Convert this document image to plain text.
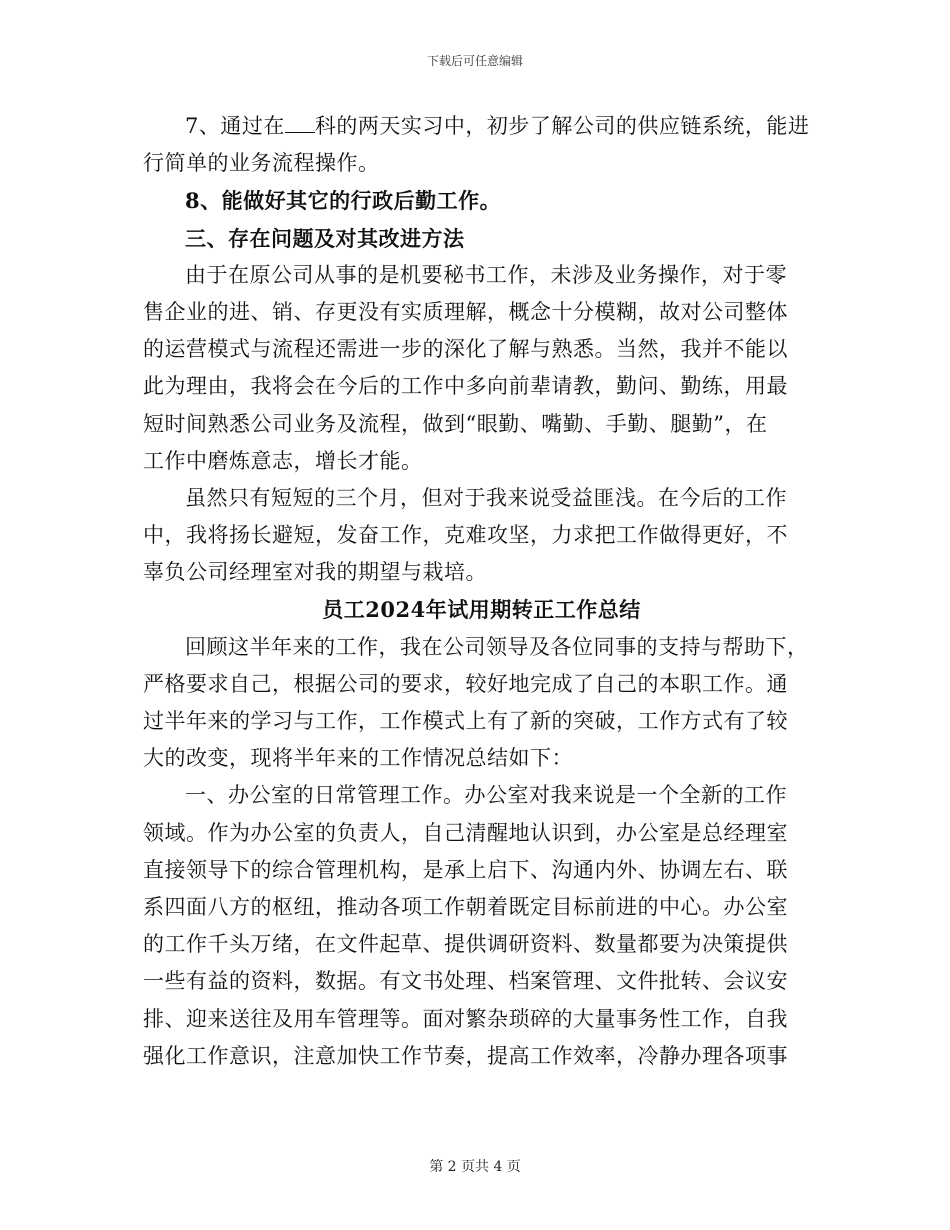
下载后可任意编辑
7、通过在 科的两天实习中，初步了解公司的供应链系统，能进
行简单的业务流程操作。
8、能做好其它的行政后勤工作。
三、存在问题及对其改进方法
由于在原公司从事的是机要秘书工作，未涉及业务操作，对于零
售企业的进、销、存更没有实质理解，概念十分模糊，故对公司整体
的运营模式与流程还需进一步的深化了解与熟悉。当然，我并不能以
此为理由，我将会在今后的工作中多向前辈请教，勤问、勤练，用最
短时间熟悉公司业务及流程，做到“眼勤、嘴勤、手勤、腿勤”，在
工作中磨炼意志，增长才能。
虽然只有短短的三个月，但对于我来说受益匪浅。在今后的工作
中，我将扬长避短，发奋工作，克难攻坚，力求把工作做得更好，不
辜负公司经理室对我的期望与栽培。
员工2024年试用期转正工作总结
回顾这半年来的工作，我在公司领导及各位同事的支持与帮助下，
严格要求自己，根据公司的要求，较好地完成了自己的本职工作。通
过半年来的学习与工作，工作模式上有了新的突破，工作方式有了较
大的改变，现将半年来的工作情况总结如下：
一、办公室的日常管理工作。办公室对我来说是一个全新的工作
领域。作为办公室的负责人，自己清醒地认识到，办公室是总经理室
直接领导下的综合管理机构，是承上启下、沟通内外、协调左右、联
系四面八方的枢纽，推动各项工作朝着既定目标前进的中心。办公室
的工作千头万绪，在文件起草、提供调研资料、数量都要为决策提供
一些有益的资料，数据。有文书处理、档案管理、文件批转、会议安
排、迎来送往及用车管理等。面对繁杂琐碎的大量事务性工作，自我
强化工作意识，注意加快工作节奏，提高工作效率，冷静办理各项事
第 2 页共 4 页
